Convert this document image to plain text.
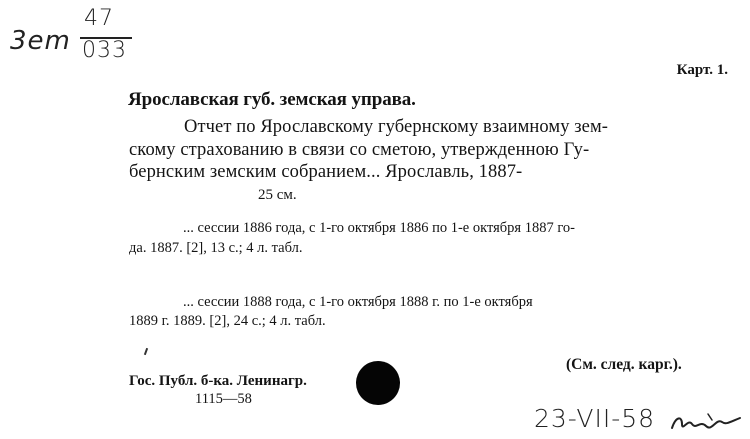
3em
47
033
Карт. 1.
Ярославская губ. земская управа.
Отчет по Ярославскому губернскому взаимному зем-
скому страхованию в связи со сметою, утвержденною Гу-
бернским земским собранием... Ярославль, 1887-
25 см.
... сессии 1886 года, с 1-го октября 1886 по 1-е октября 1887 го-
да. 1887. [2], 13 с.; 4 л. табл.
... сессии 1888 года, с 1-го октября 1888 г. по 1-е октября
1889 г. 1889. [2], 24 с.; 4 л. табл.
(См. след. карг.).
Гос. Публ. б-ка. Ленинагр.
1115—58
23-VII-58
